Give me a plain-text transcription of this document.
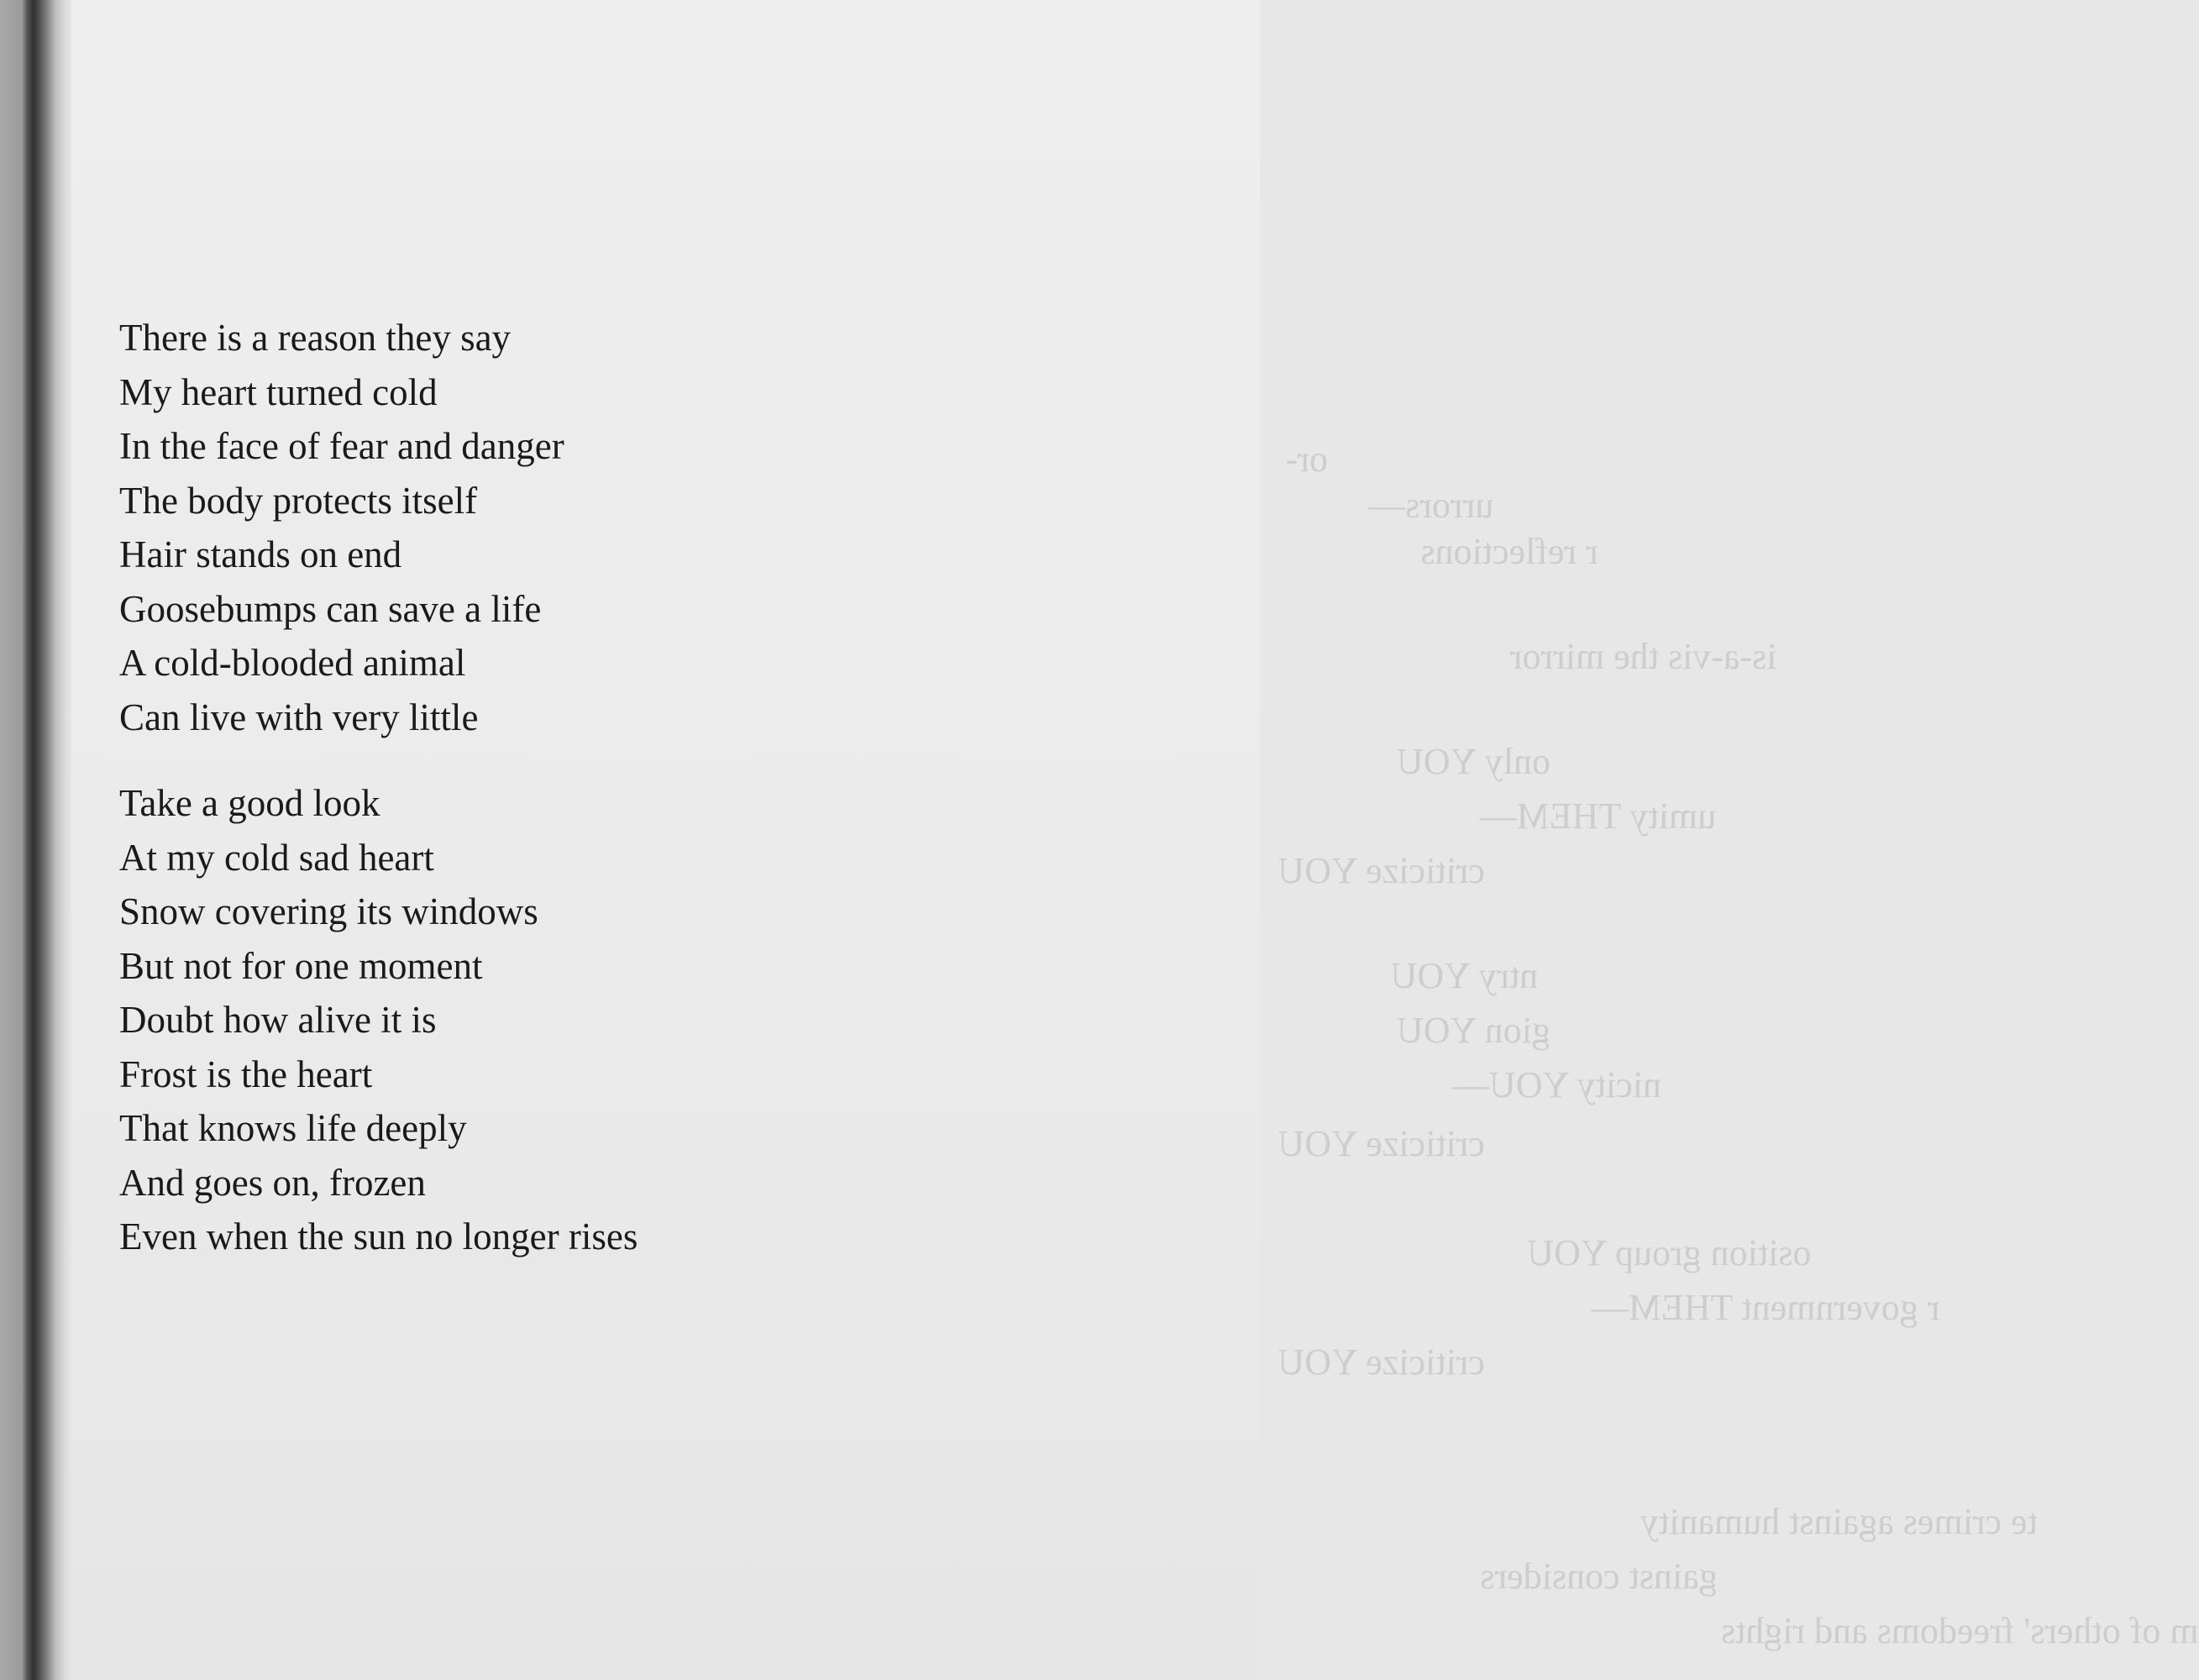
or-
urrors—
r reflections
is-a-vis the mirror
only YOU
umity THEM—
criticize YOU
ntry YOU
gion YOU
nicity YOU—
criticize YOU
osition group YOU
r government THEM—
criticize YOU
te crimes against humanity
gainst considers
m of others' freedoms and rights
There is a reason they say
My heart turned cold
In the face of fear and danger
The body protects itself
Hair stands on end
Goosebumps can save a life
A cold-blooded animal
Can live with very little
Take a good look
At my cold sad heart
Snow covering its windows
But not for one moment
Doubt how alive it is
Frost is the heart
That knows life deeply
And goes on, frozen
Even when the sun no longer rises
